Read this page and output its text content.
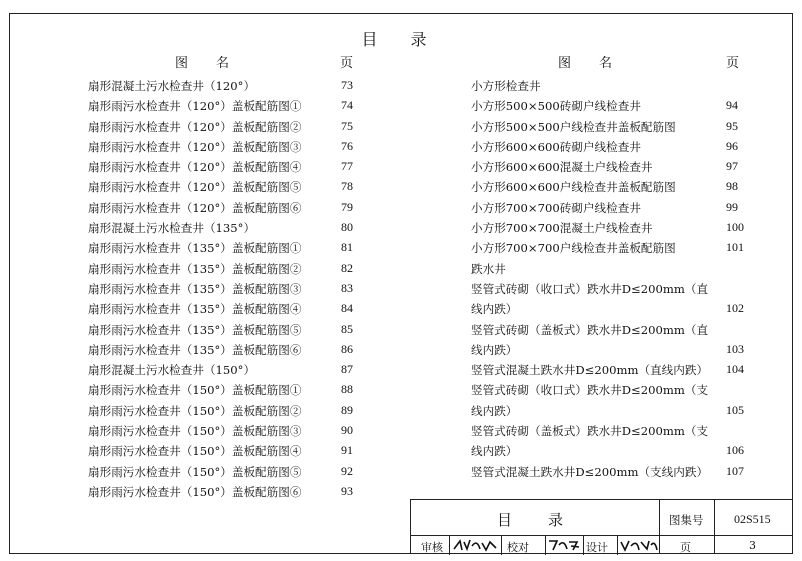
目 录
图名	页	图名	页
扇形混凝土污水检查井（120°）	73
扇形雨污水检查井（120°）盖板配筋图①	74
扇形雨污水检查井（120°）盖板配筋图②	75
扇形雨污水检查井（120°）盖板配筋图③	76
扇形雨污水检查井（120°）盖板配筋图④	77
扇形雨污水检查井（120°）盖板配筋图⑤	78
扇形雨污水检查井（120°）盖板配筋图⑥	79
扇形混凝土污水检查井（135°）	80
扇形雨污水检查井（135°）盖板配筋图①	81
扇形雨污水检查井（135°）盖板配筋图②	82
扇形雨污水检查井（135°）盖板配筋图③	83
扇形雨污水检查井（135°）盖板配筋图④	84
扇形雨污水检查井（135°）盖板配筋图⑤	85
扇形雨污水检查井（135°）盖板配筋图⑥	86
扇形混凝土污水检查井（150°）	87
扇形雨污水检查井（150°）盖板配筋图①	88
扇形雨污水检查井（150°）盖板配筋图②	89
扇形雨污水检查井（150°）盖板配筋图③	90
扇形雨污水检查井（150°）盖板配筋图④	91
扇形雨污水检查井（150°）盖板配筋图⑤	92
扇形雨污水检查井（150°）盖板配筋图⑥	93
小方形检查井
小方形500×500砖砌户线检查井	94
小方形500×500户线检查井盖板配筋图	95
小方形600×600砖砌户线检查井	96
小方形600×600混凝土户线检查井	97
小方形600×600户线检查井盖板配筋图	98
小方形700×700砖砌户线检查井	99
小方形700×700混凝土户线检查井	100
小方形700×700户线检查井盖板配筋图	101
跌水井
竖管式砖砌（收口式）跌水井D≤200mm（直
线内跌）	102
竖管式砖砌（盖板式）跌水井D≤200mm（直
线内跌）	103
竖管式混凝土跌水井D≤200mm（直线内跌） 104
竖管式砖砌（收口式）跌水井D≤200mm（支
线内跌）	105
竖管式砖砌（盖板式）跌水井D≤200mm（支
线内跌）	106
竖管式混凝土跌水井D≤200mm（支线内跌） 107
目录	图集号	02S515
审核	校对	设计	页	3
